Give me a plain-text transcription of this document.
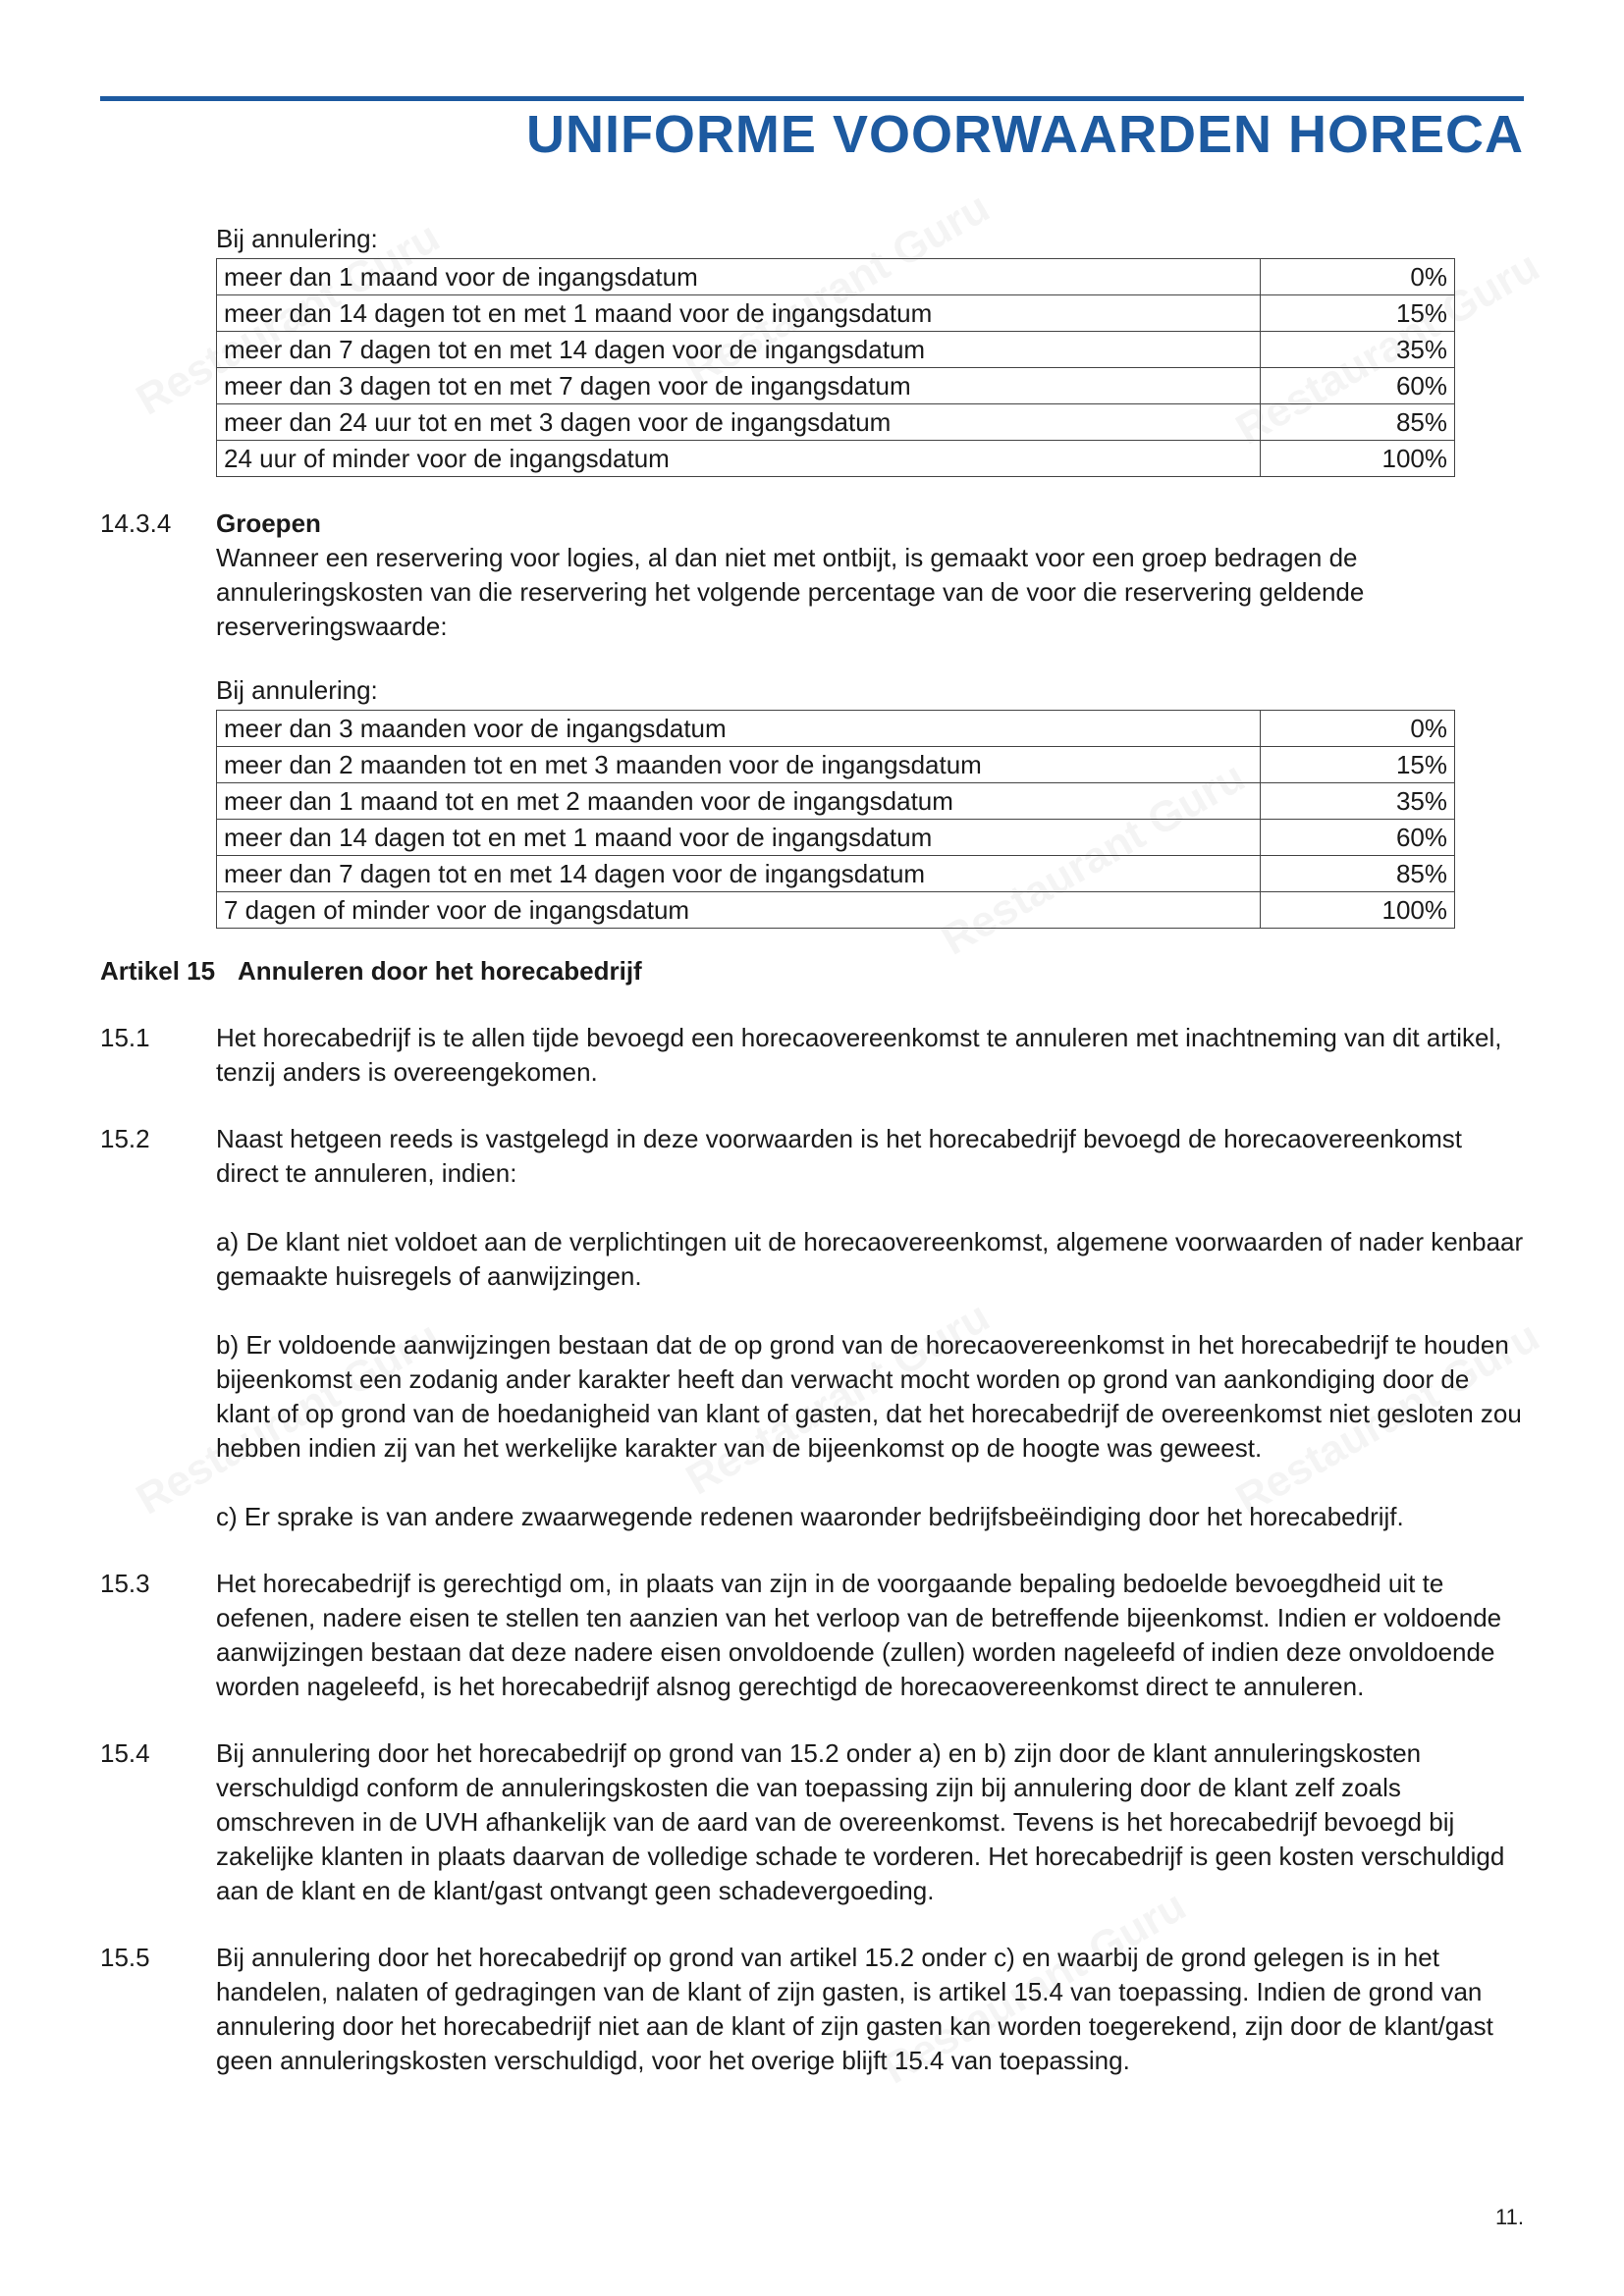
UNIFORME VOORWAARDEN HORECA

Bij annulering:

meer dan 1 maand voor de ingangsdatum	0%
meer dan 14 dagen tot en met 1 maand voor de ingangsdatum	15%
meer dan 7 dagen tot en met 14 dagen voor de ingangsdatum	35%
meer dan 3 dagen tot en met 7 dagen voor de ingangsdatum	60%
meer dan 24 uur tot en met 3 dagen voor de ingangsdatum	85%
24 uur of minder voor de ingangsdatum	100%
14.3.4	Groepen

Wanneer een reservering voor logies, al dan niet met ontbijt, is gemaakt voor een groep bedragen de annuleringskosten van die reservering het volgende percentage van de voor die reservering geldende reserveringswaarde:

Bij annulering:

meer dan 3 maanden voor de ingangsdatum	0%
meer dan 2 maanden tot en met 3 maanden voor de ingangsdatum	15%
meer dan 1 maand tot en met 2 maanden voor de ingangsdatum	35%
meer dan 14 dagen tot en met 1 maand voor de ingangsdatum	60%
meer dan 7 dagen tot en met 14 dagen voor de ingangsdatum	85%
7 dagen of minder voor de ingangsdatum	100%
Artikel 15 Annuleren door het horecabedrijf
15.1	Het horecabedrijf is te allen tijde bevoegd een horecaovereenkomst te annuleren met inachtneming van dit artikel, tenzij anders is overeengekomen.

15.2	Naast hetgeen reeds is vastgelegd in deze voorwaarden is het horecabedrijf bevoegd de horecaovereenkomst direct te annuleren, indien:

a) De klant niet voldoet aan de verplichtingen uit de horecaovereenkomst, algemene voorwaarden of nader kenbaar gemaakte huisregels of aanwijzingen.

b) Er voldoende aanwijzingen bestaan dat de op grond van de horecaovereenkomst in het horecabedrijf te houden bijeenkomst een zodanig ander karakter heeft dan verwacht mocht worden op grond van aankondiging door de klant of op grond van de hoedanigheid van klant of gasten, dat het horecabedrijf de overeenkomst niet gesloten zou hebben indien zij van het werkelijke karakter van de bijeenkomst op de hoogte was geweest.

c) Er sprake is van andere zwaarwegende redenen waaronder bedrijfsbeëindiging door het horecabedrijf.

15.3	Het horecabedrijf is gerechtigd om, in plaats van zijn in de voorgaande bepaling bedoelde bevoegdheid uit te oefenen, nadere eisen te stellen ten aanzien van het verloop van de betreffende bijeenkomst. Indien er voldoende aanwijzingen bestaan dat deze nadere eisen onvoldoende (zullen) worden nageleefd of indien deze onvoldoende worden nageleefd, is het horecabedrijf alsnog gerechtigd de horecaovereenkomst direct te annuleren.

15.4	Bij annulering door het horecabedrijf op grond van 15.2 onder a) en b) zijn door de klant annuleringskosten verschuldigd conform de annuleringskosten die van toepassing zijn bij annulering door de klant zelf zoals omschreven in de UVH afhankelijk van de aard van de overeenkomst. Tevens is het horecabedrijf bevoegd bij zakelijke klanten in plaats daarvan de volledige schade te vorderen. Het horecabedrijf is geen kosten verschuldigd aan de klant en de klant/gast ontvangt geen schadevergoeding.

15.5	Bij annulering door het horecabedrijf op grond van artikel 15.2 onder c) en waarbij de grond gelegen is in het handelen, nalaten of gedragingen van de klant of zijn gasten, is artikel 15.4 van toepassing. Indien de grond van annulering door het horecabedrijf niet aan de klant of zijn gasten kan worden toegerekend, zijn door de klant/gast geen annuleringskosten verschuldigd, voor het overige blijft 15.4 van toepassing.

11.
